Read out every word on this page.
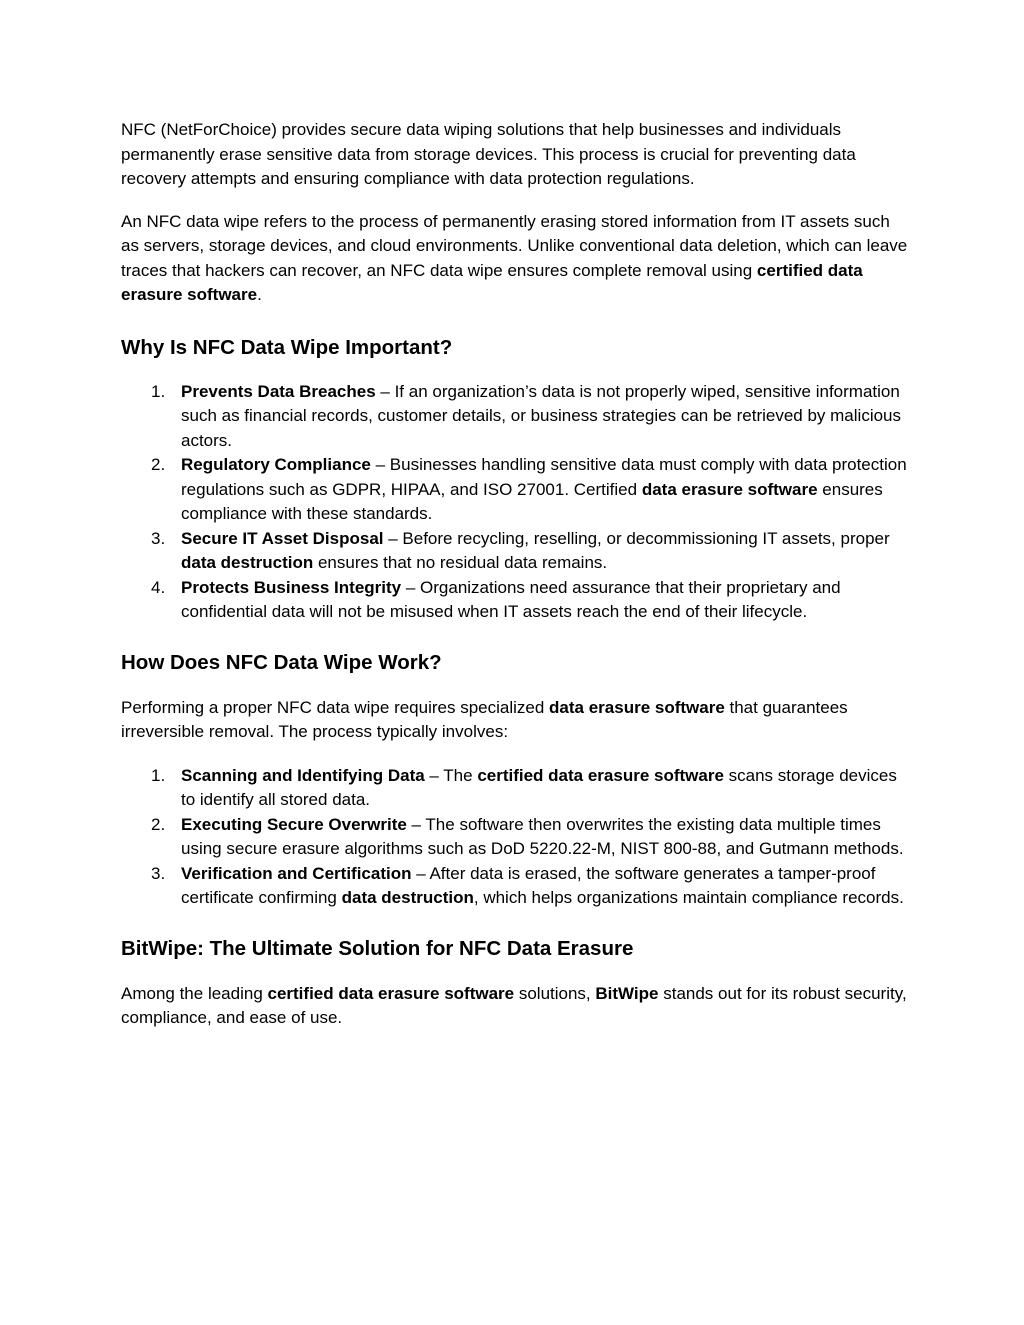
NFC (NetForChoice) provides secure data wiping solutions that help businesses and individuals permanently erase sensitive data from storage devices. This process is crucial for preventing data recovery attempts and ensuring compliance with data protection regulations.

An NFC data wipe refers to the process of permanently erasing stored information from IT assets such as servers, storage devices, and cloud environments. Unlike conventional data deletion, which can leave traces that hackers can recover, an NFC data wipe ensures complete removal using certified data erasure software.

Why Is NFC Data Wipe Important?
1. Prevents Data Breaches – If an organization’s data is not properly wiped, sensitive information such as financial records, customer details, or business strategies can be retrieved by malicious actors.
2. Regulatory Compliance – Businesses handling sensitive data must comply with data protection regulations such as GDPR, HIPAA, and ISO 27001. Certified data erasure software ensures compliance with these standards.
3. Secure IT Asset Disposal – Before recycling, reselling, or decommissioning IT assets, proper data destruction ensures that no residual data remains.
4. Protects Business Integrity – Organizations need assurance that their proprietary and confidential data will not be misused when IT assets reach the end of their lifecycle.
How Does NFC Data Wipe Work?

Performing a proper NFC data wipe requires specialized data erasure software that guarantees irreversible removal. The process typically involves:

1. Scanning and Identifying Data – The certified data erasure software scans storage devices to identify all stored data.
2. Executing Secure Overwrite – The software then overwrites the existing data multiple times using secure erasure algorithms such as DoD 5220.22-M, NIST 800-88, and Gutmann methods.
3. Verification and Certification – After data is erased, the software generates a tamper-proof certificate confirming data destruction, which helps organizations maintain compliance records.
BitWipe: The Ultimate Solution for NFC Data Erasure

Among the leading certified data erasure software solutions, BitWipe stands out for its robust security, compliance, and ease of use.
